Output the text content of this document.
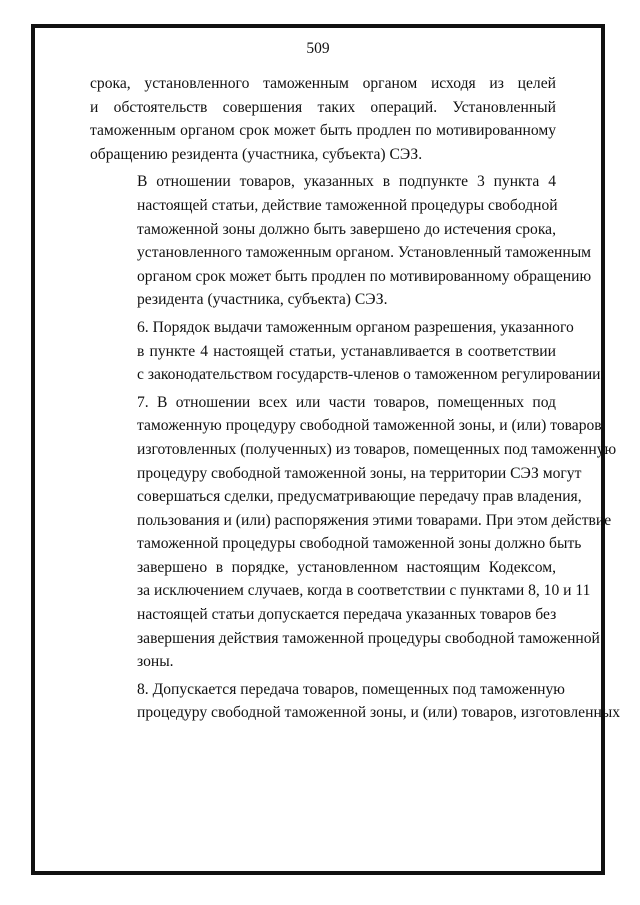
509
срока, установленного таможенным органом исходя из целей
и обстоятельств совершения таких операций. Установленный
таможенным органом срок может быть продлен по мотивированному
обращению резидента (участника, субъекта) СЭЗ.
В отношении товаров, указанных в подпункте 3 пункта 4
настоящей статьи, действие таможенной процедуры свободной
таможенной зоны должно быть завершено до истечения срока,
установленного таможенным органом. Установленный таможенным
органом срок может быть продлен по мотивированному обращению
резидента (участника, субъекта) СЭЗ.
6. Порядок выдачи таможенным органом разрешения, указанного
в пункте 4 настоящей статьи, устанавливается в соответствии
с законодательством государств-членов о таможенном регулировании.
7. В отношении всех или части товаров, помещенных под
таможенную процедуру свободной таможенной зоны, и (или) товаров,
изготовленных (полученных) из товаров, помещенных под таможенную
процедуру свободной таможенной зоны, на территории СЭЗ могут
совершаться сделки, предусматривающие передачу прав владения,
пользования и (или) распоряжения этими товарами. При этом действие
таможенной процедуры свободной таможенной зоны должно быть
завершено в порядке, установленном настоящим Кодексом,
за исключением случаев, когда в соответствии с пунктами 8, 10 и 11
настоящей статьи допускается передача указанных товаров без
завершения действия таможенной процедуры свободной таможенной
зоны.
8. Допускается передача товаров, помещенных под таможенную
процедуру свободной таможенной зоны, и (или) товаров, изготовленных
